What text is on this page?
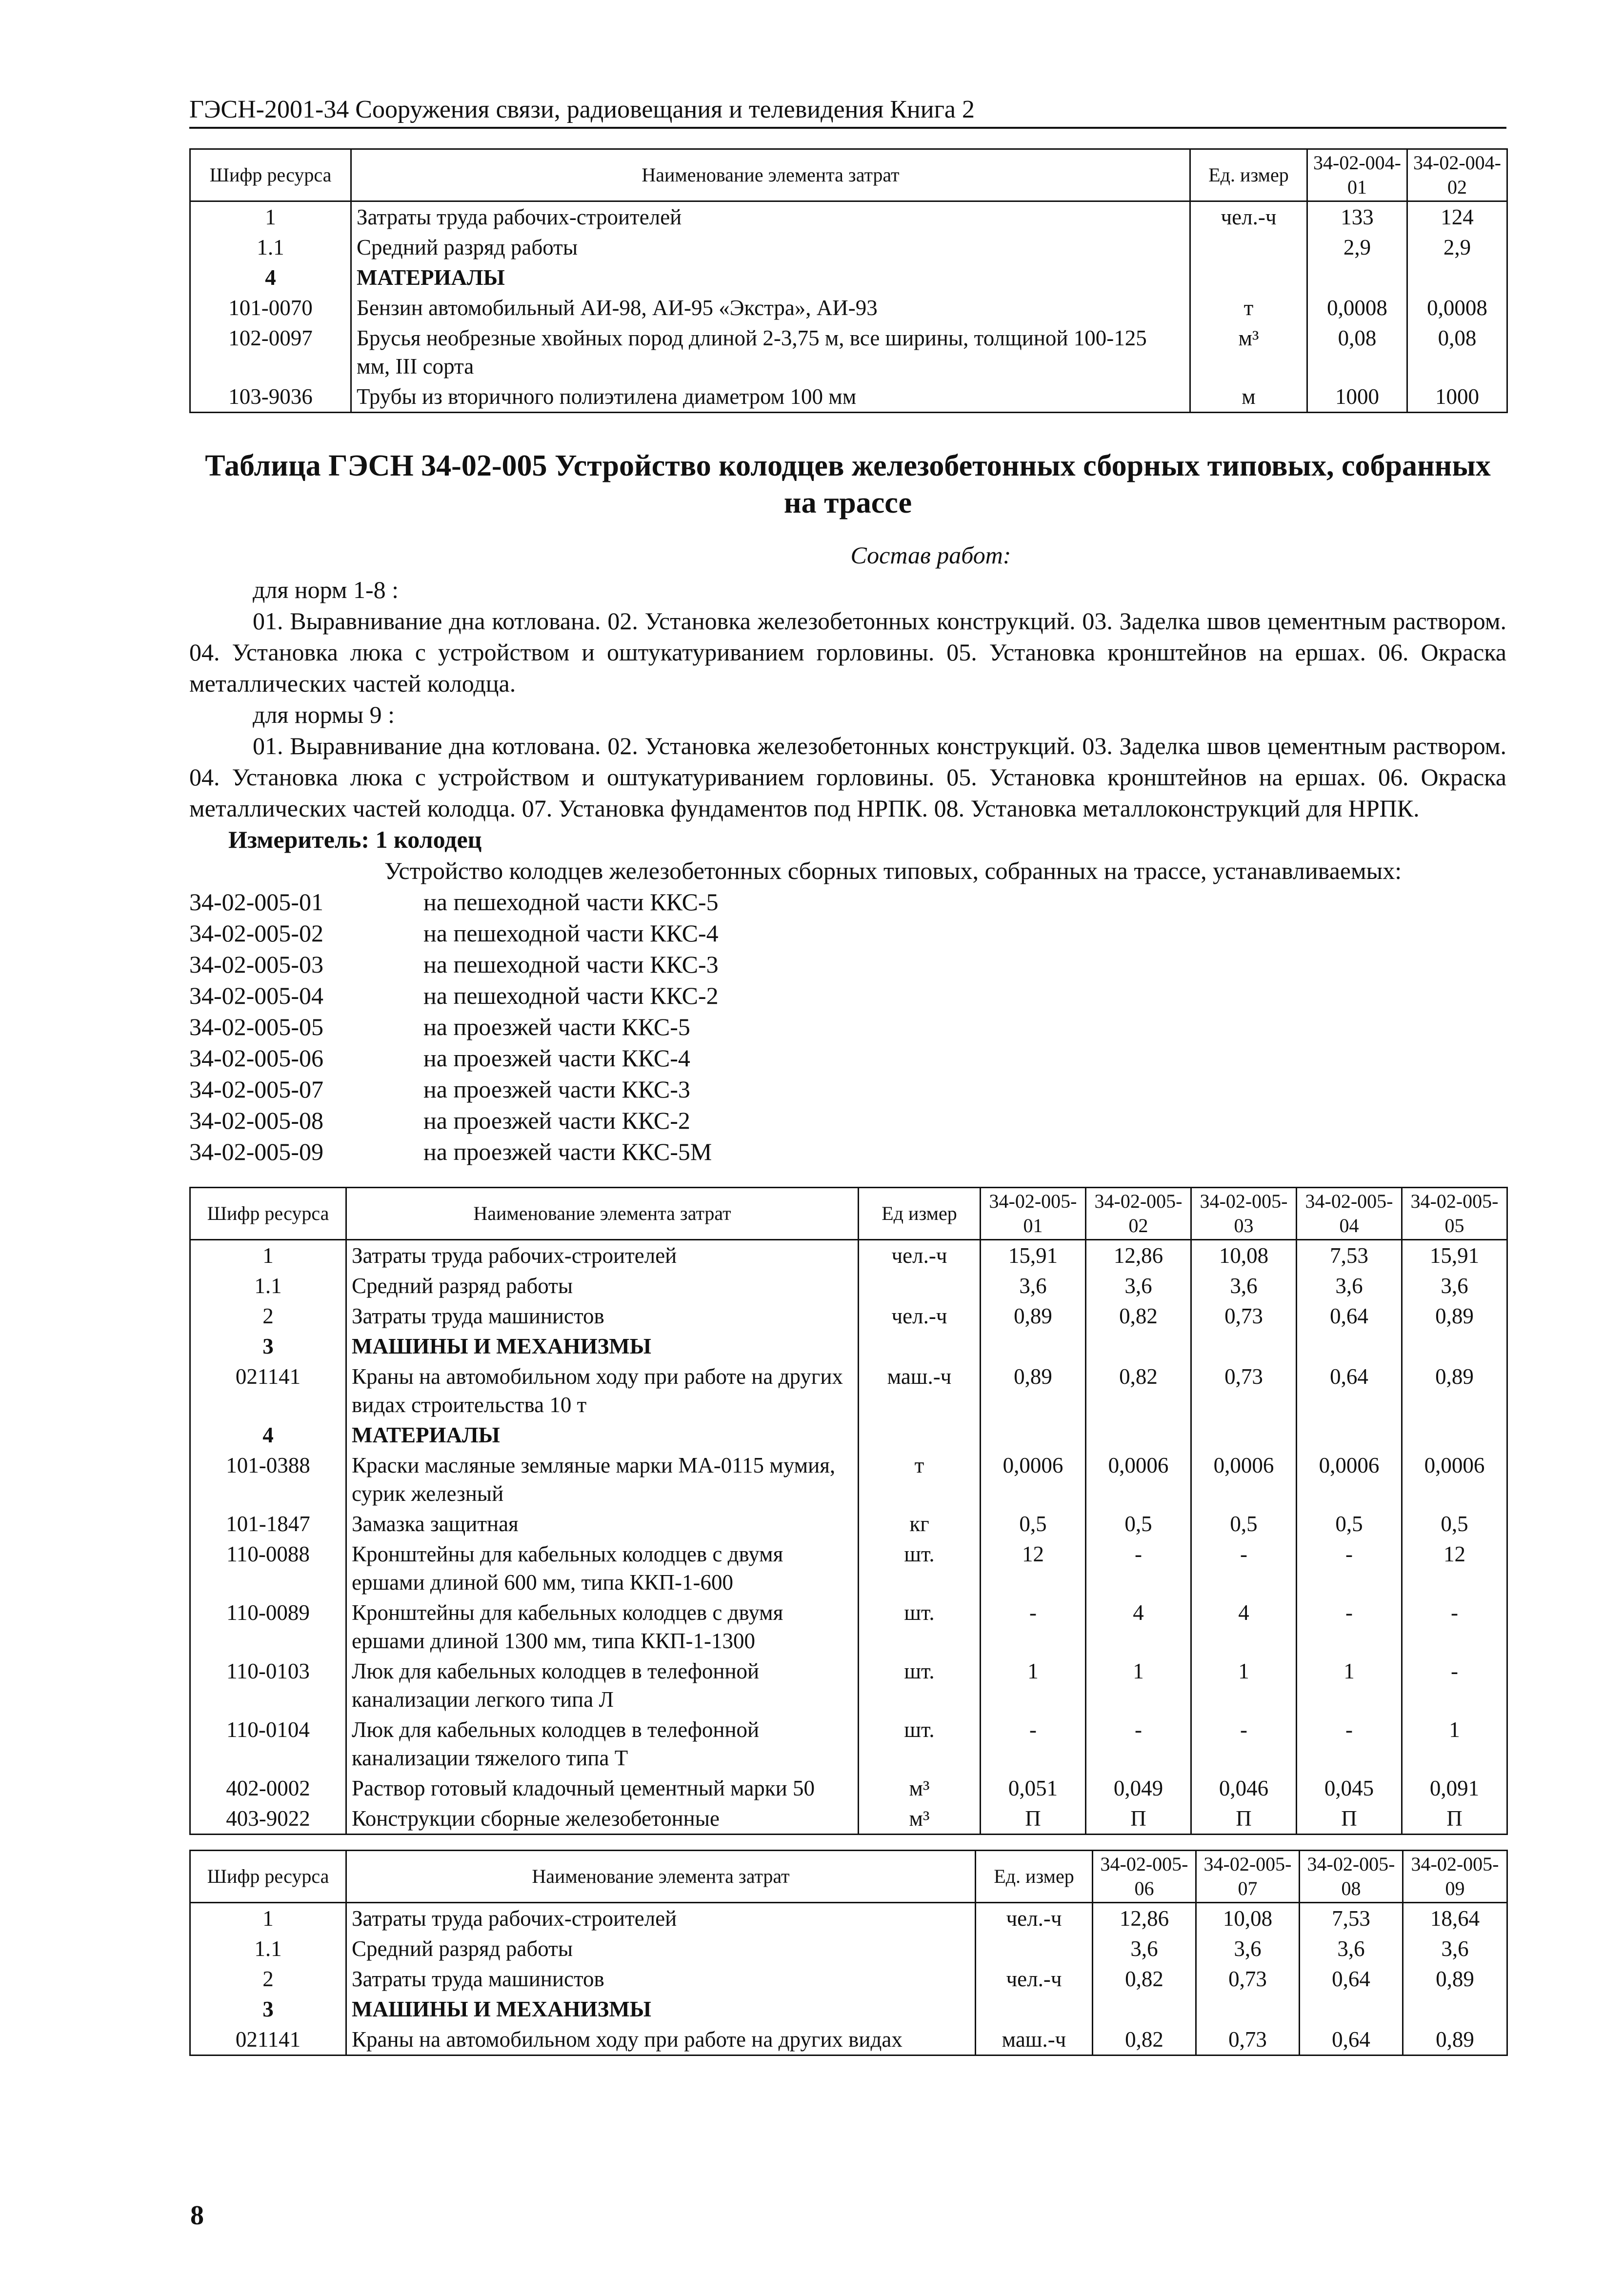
ГЭСН-2001-34 Сооружения связи, радиовещания и телевидения Книга 2
Шифр ресурса	Наименование элемента затрат	Ед. измер	34-02-004-01	34-02-004-02
1	Затраты труда рабочих-строителей	чел.-ч	133	124
1.1	Средний разряд работы		2,9	2,9
4	МАТЕРИАЛЫ			
101-0070	Бензин автомобильный АИ-98, АИ-95 «Экстра», АИ-93	т	0,0008	0,0008
102-0097	Брусья необрезные хвойных пород длиной 2-3,75 м, все ширины, толщиной 100-125 мм, III сорта	м³	0,08	0,08
103-9036	Трубы из вторичного полиэтилена диаметром 100 мм	м	1000	1000
Таблица ГЭСН 34-02-005 Устройство колодцев железобетонных сборных типовых, собранных на трассе
Состав работ:
для норм 1-8 :
01. Выравнивание дна котлована. 02. Установка железобетонных конструкций. 03. Заделка швов цементным раствором. 04. Установка люка с устройством и оштукатуриванием горловины. 05. Установка кронштейнов на ершах. 06. Окраска металлических частей колодца.
для нормы 9 :
01. Выравнивание дна котлована. 02. Установка железобетонных конструкций. 03. Заделка швов цементным раствором. 04. Установка люка с устройством и оштукатуриванием горловины. 05. Установка кронштейнов на ершах. 06. Окраска металлических частей колодца. 07. Установка фундаментов под НРПК. 08. Установка металлоконструкций для НРПК.
Измеритель: 1 колодец
Устройство колодцев железобетонных сборных типовых, собранных на трассе, устанавливаемых:
34-02-005-01	на пешеходной части ККС-5
34-02-005-02	на пешеходной части ККС-4
34-02-005-03	на пешеходной части ККС-3
34-02-005-04	на пешеходной части ККС-2
34-02-005-05	на проезжей части ККС-5
34-02-005-06	на проезжей части ККС-4
34-02-005-07	на проезжей части ККС-3
34-02-005-08	на проезжей части ККС-2
34-02-005-09	на проезжей части ККС-5М
Шифр ресурса	Наименование элемента затрат	Ед измер	34-02-005-01	34-02-005-02	34-02-005-03	34-02-005-04	34-02-005-05
1	Затраты труда рабочих-строителей	чел.-ч	15,91	12,86	10,08	7,53	15,91
1.1	Средний разряд работы		3,6	3,6	3,6	3,6	3,6
2	Затраты труда машинистов	чел.-ч	0,89	0,82	0,73	0,64	0,89
3	МАШИНЫ И МЕХАНИЗМЫ						
021141	Краны на автомобильном ходу при работе на других видах строительства 10 т	маш.-ч	0,89	0,82	0,73	0,64	0,89
4	МАТЕРИАЛЫ						
101-0388	Краски масляные земляные марки МА-0115 мумия, сурик железный	т	0,0006	0,0006	0,0006	0,0006	0,0006
101-1847	Замазка защитная	кг	0,5	0,5	0,5	0,5	0,5
110-0088	Кронштейны для кабельных колодцев с двумя ершами длиной 600 мм, типа ККП-1-600	шт.	12	-	-	-	12
110-0089	Кронштейны для кабельных колодцев с двумя ершами длиной 1300 мм, типа ККП-1-1300	шт.	-	4	4	-	-
110-0103	Люк для кабельных колодцев в телефонной канализации легкого типа Л	шт.	1	1	1	1	-
110-0104	Люк для кабельных колодцев в телефонной канализации тяжелого типа Т	шт.	-	-	-	-	1
402-0002	Раствор готовый кладочный цементный марки 50	м³	0,051	0,049	0,046	0,045	0,091
403-9022	Конструкции сборные железобетонные	м³	П	П	П	П	П
Шифр ресурса	Наименование элемента затрат	Ед. измер	34-02-005-06	34-02-005-07	34-02-005-08	34-02-005-09
1	Затраты труда рабочих-строителей	чел.-ч	12,86	10,08	7,53	18,64
1.1	Средний разряд работы		3,6	3,6	3,6	3,6
2	Затраты труда машинистов	чел.-ч	0,82	0,73	0,64	0,89
3	МАШИНЫ И МЕХАНИЗМЫ					
021141	Краны на автомобильном ходу при работе на других видах	маш.-ч	0,82	0,73	0,64	0,89
8
